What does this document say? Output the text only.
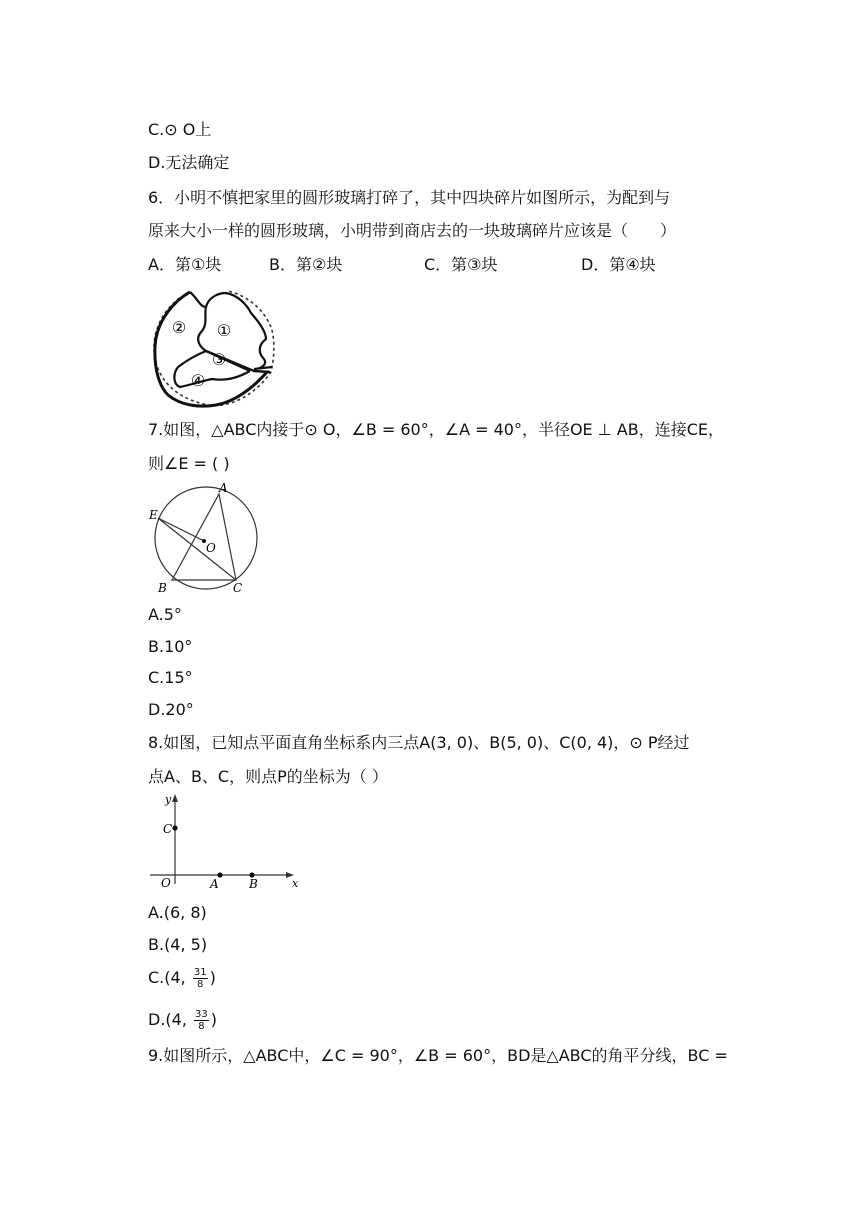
C.⊙ O上
D.无法确定
6．小明不慎把家里的圆形玻璃打碎了，其中四块碎片如图所示，为配到与
原来大小一样的圆形玻璃，小明带到商店去的一块玻璃碎片应该是（　　）
A．第①块	B．第②块	C．第③块	D．第④块
①
②
③
④
7.如图，△ABC内接于⊙ O，∠B = 60°，∠A = 40°，半径OE ⊥ AB，连接CE，
则∠E = ( )
A
B	C
E
O
A.5°
B.10°
C.15°
D.20°
8.如图，已知点平面直角坐标系内三点A(3, 0)、B(5, 0)、C(0, 4)，⊙ P经过
点A、B、C，则点P的坐标为（ ）
y
x
C
O	A	B
A.(6, 8)
B.(4, 5)
C.(4, $\frac{31}{8}$ )
D.(4, $\frac{33}{8}$ )
9.如图所示，△ABC中，∠C = 90°，∠B = 60°，BD是△ABC的角平分线，BC =
